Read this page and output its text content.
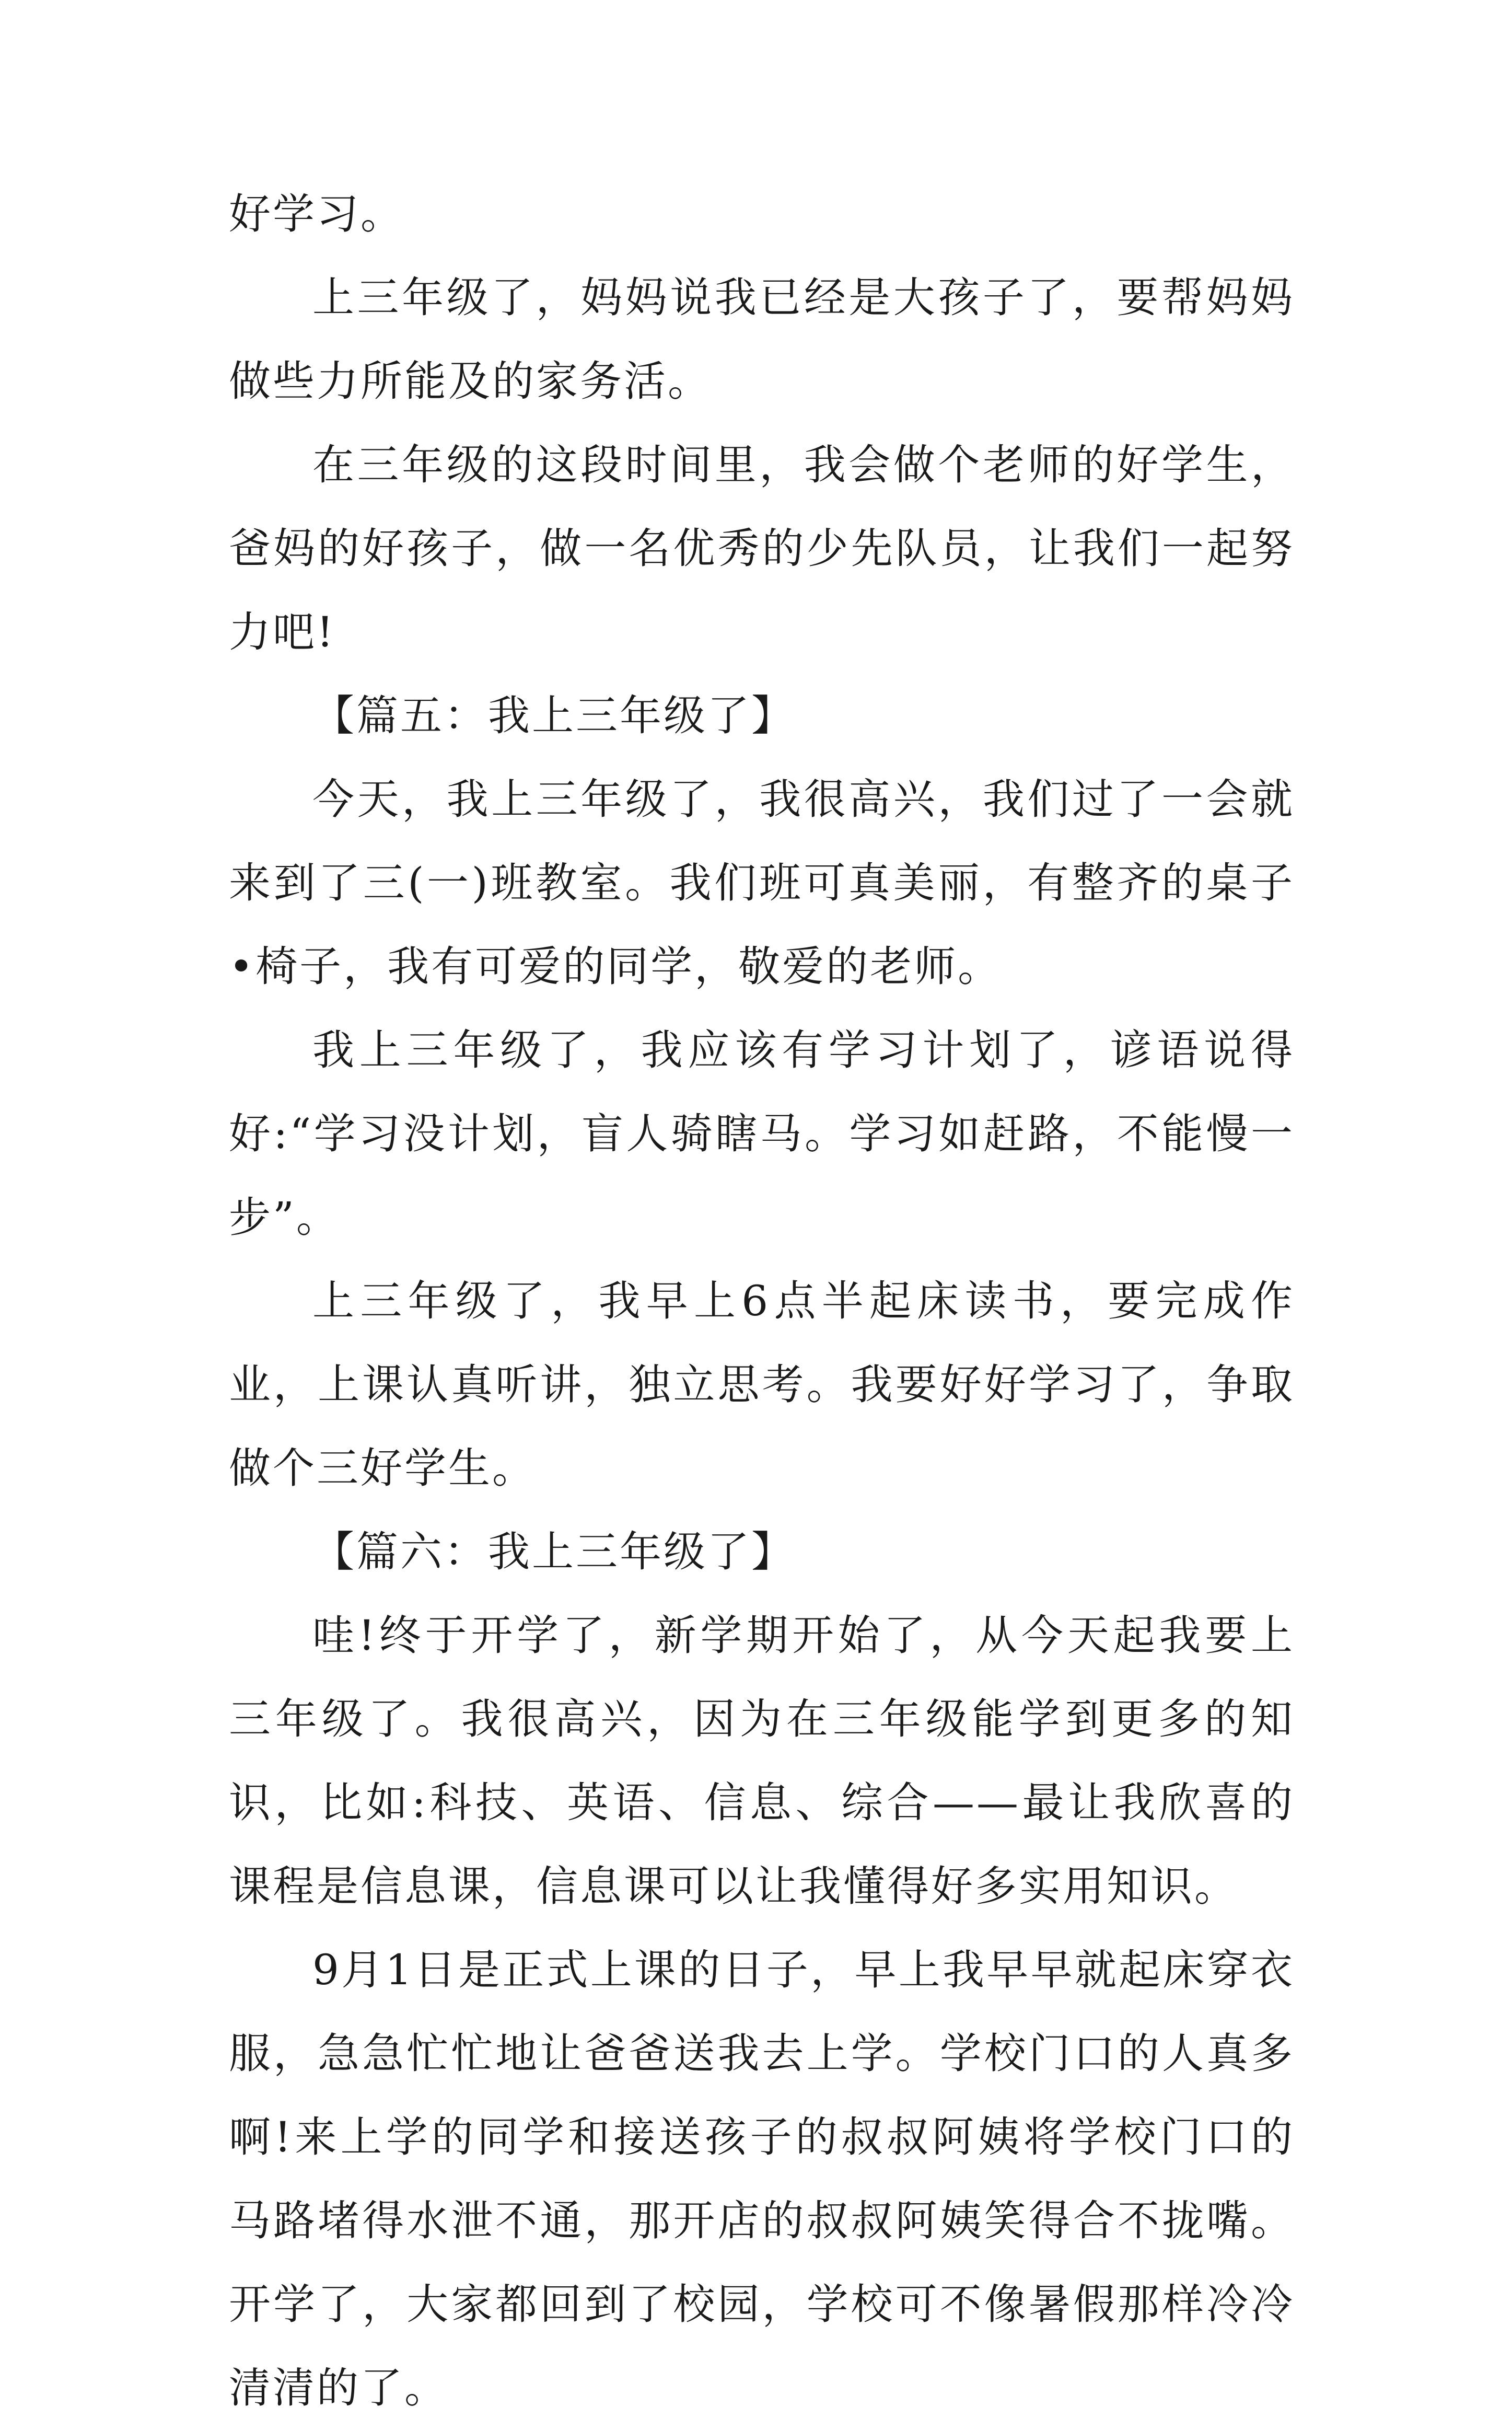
好学习。

上三年级了，妈妈说我已经是大孩子了，要帮妈妈做些力所能及的家务活。

在三年级的这段时间里，我会做个老师的好学生，爸妈的好孩子，做一名优秀的少先队员，让我们一起努力吧!

【篇五：我上三年级了】

今天，我上三年级了，我很高兴，我们过了一会就来到了三(一)班教室。我们班可真美丽，有整齐的桌子•椅子，我有可爱的同学，敬爱的老师。

我上三年级了，我应该有学习计划了，谚语说得好:“学习没计划，盲人骑瞎马。学习如赶路，不能慢一步”。

上三年级了，我早上6点半起床读书，要完成作业，上课认真听讲，独立思考。我要好好学习了，争取做个三好学生。

【篇六：我上三年级了】

哇!终于开学了，新学期开始了，从今天起我要上三年级了。我很高兴，因为在三年级能学到更多的知识，比如:科技、英语、信息、综合——最让我欣喜的课程是信息课，信息课可以让我懂得好多实用知识。

9月1日是正式上课的日子，早上我早早就起床穿衣服，急急忙忙地让爸爸送我去上学。学校门口的人真多啊!来上学的同学和接送孩子的叔叔阿姨将学校门口的马路堵得水泄不通，那开店的叔叔阿姨笑得合不拢嘴。开学了，大家都回到了校园，学校可不像暑假那样冷冷清清的了。
